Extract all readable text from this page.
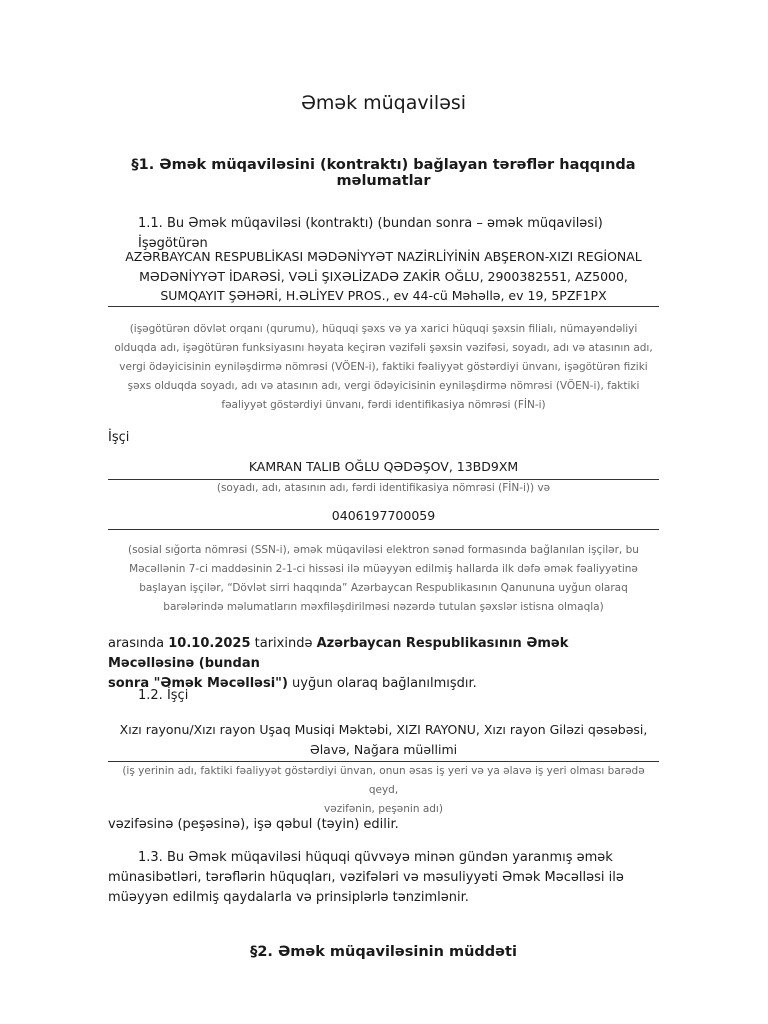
Əmək müqaviləsi
§1. Əmək müqaviləsini (kontraktı) bağlayan tərəflər haqqında məlumatlar
1.1. Bu Əmək müqaviləsi (kontraktı) (bundan sonra – əmək müqaviləsi) İşəgötürən
AZƏRBAYCAN RESPUBLİKASI MƏDƏNİYYƏT NAZİRLİYİNİN ABŞERON-XIZI REGİONAL
MƏDƏNİYYƏT İDARƏSİ, VƏLİ ŞIXƏLİZADƏ ZAKİR OĞLU, 2900382551, AZ5000,
SUMQAYIT ŞƏHƏRİ, H.ƏLİYEV PROS., ev 44-cü Məhəllə, ev 19, 5PZF1PX
(işəgötürən dövlət orqanı (qurumu), hüquqi şəxs və ya xarici hüquqi şəxsin filialı, nümayəndəliyi
olduqda adı, işəgötürən funksiyasını həyata keçirən vəzifəli şəxsin vəzifəsi, soyadı, adı və atasının adı,
vergi ödəyicisinin eyniləşdirmə nömrəsi (VÖEN-i), faktiki fəaliyyət göstərdiyi ünvanı, işəgötürən fiziki
şəxs olduqda soyadı, adı və atasının adı, vergi ödəyicisinin eyniləşdirmə nömrəsi (VÖEN-i), faktiki
fəaliyyət göstərdiyi ünvanı, fərdi identifikasiya nömrəsi (FİN-i)
İşçi
KAMRAN TALIB OĞLU QƏDƏŞOV, 13BD9XM
(soyadı, adı, atasının adı, fərdi identifikasiya nömrəsi (FİN-i)) və
0406197700059
(sosial sığorta nömrəsi (SSN-i), əmək müqaviləsi elektron sənəd formasında bağlanılan işçilər, bu
Məcəllənin 7-ci maddəsinin 2-1-ci hissəsi ilə müəyyən edilmiş hallarda ilk dəfə əmək fəaliyyətinə
başlayan işçilər, “Dövlət sirri haqqında” Azərbaycan Respublikasının Qanununa uyğun olaraq
barələrində məlumatların məxfiləşdirilməsi nəzərdə tutulan şəxslər istisna olmaqla)
arasında 10.10.2025 tarixində Azərbaycan Respublikasının Əmək Məcəlləsinə (bundan
sonra "Əmək Məcəlləsi") uyğun olaraq bağlanılmışdır.
1.2. İşçi
Xızı rayonu/Xızı rayon Uşaq Musiqi Məktəbi, XIZI RAYONU, Xızı rayon Giləzi qəsəbəsi,
Əlavə, Nağara müəllimi
(iş yerinin adı, faktiki fəaliyyət göstərdiyi ünvan, onun əsas iş yeri və ya əlavə iş yeri olması barədə qeyd,
vəzifənin, peşənin adı)
vəzifəsinə (peşəsinə), işə qəbul (təyin) edilir.
1.3. Bu Əmək müqaviləsi hüquqi qüvvəyə minən gündən yaranmış əmək
münasibətləri, tərəflərin hüquqları, vəzifələri və məsuliyyəti Əmək Məcəlləsi ilə
müəyyən edilmiş qaydalarla və prinsiplərlə tənzimlənir.
§2. Əmək müqaviləsinin müddəti
